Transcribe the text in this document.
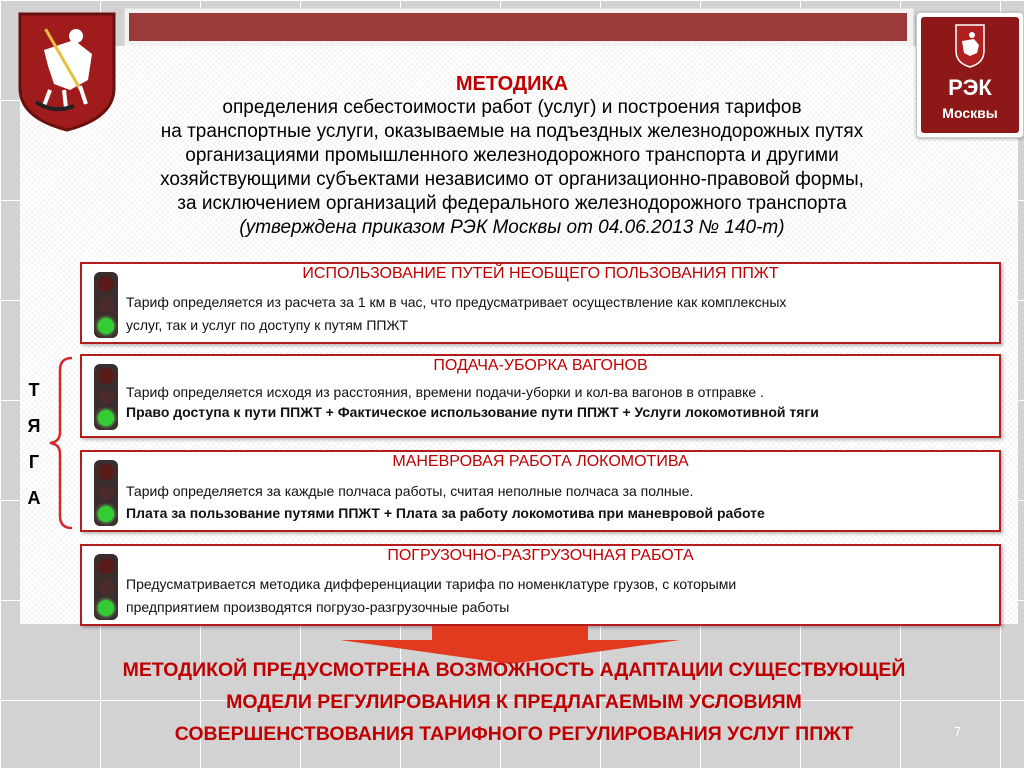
РЭК
Москвы
МЕТОДИКА
определения себестоимости работ (услуг) и построения тарифов
на транспортные услуги, оказываемые на подъездных железнодорожных путях
организациями промышленного железнодорожного транспорта и другими
хозяйствующими субъектами независимо от организационно-правовой формы,
за исключением организаций федерального железнодорожного транспорта
(утверждена приказом РЭК Москвы от 04.06.2013 № 140-т)
ИСПОЛЬЗОВАНИЕ ПУТЕЙ НЕОБЩЕГО ПОЛЬЗОВАНИЯ ППЖТ
Тариф определяется из расчета за 1 км в час, что предусматривает осуществление как комплексных
услуг, так и услуг по доступу к путям ППЖТ
ПОДАЧА-УБОРКА ВАГОНОВ
Тариф определяется исходя из расстояния, времени подачи-уборки и кол-ва вагонов в отправке .
Право доступа к пути ППЖТ + Фактическое использование пути ППЖТ + Услуги локомотивной тяги
МАНЕВРОВАЯ РАБОТА ЛОКОМОТИВА
Тариф определяется за каждые полчаса работы, считая неполные полчаса за полные.
Плата за пользование путями ППЖТ + Плата за работу локомотива при маневровой работе
ПОГРУЗОЧНО-РАЗГРУЗОЧНАЯ РАБОТА
Предусматривается методика дифференциации тарифа по номенклатуре грузов, с которыми
предприятием производятся погрузо-разгрузочные работы
Т
Я
Г
А
МЕТОДИКОЙ ПРЕДУСМОТРЕНА ВОЗМОЖНОСТЬ АДАПТАЦИИ СУЩЕСТВУЮЩЕЙ
МОДЕЛИ РЕГУЛИРОВАНИЯ К ПРЕДЛАГАЕМЫМ УСЛОВИЯМ
СОВЕРШЕНСТВОВАНИЯ ТАРИФНОГО РЕГУЛИРОВАНИЯ УСЛУГ ППЖТ	7
